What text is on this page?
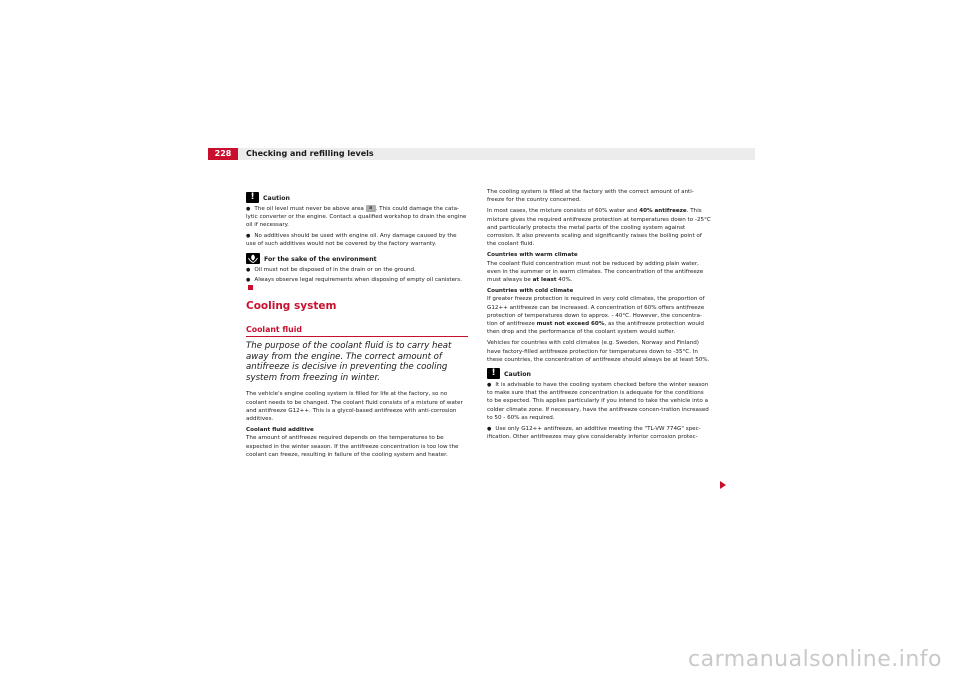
228	Checking and refilling levels
!	Caution

● The oil level must never be above area a . This could damage the cata-lytic converter or the engine. Contact a qualified workshop to drain the engine oil if necessary.

● No additives should be used with engine oil. Any damage caused by the use of such additives would not be covered by the factory warranty.

For the sake of the environment

● Oil must not be disposed of in the drain or on the ground.

● Always observe legal requirements when disposing of empty oil canisters.

Cooling system
Coolant fluid

The purpose of the coolant fluid is to carry heat away from the engine. The correct amount of antifreeze is decisive in preventing the cooling system from freezing in winter.

The vehicle's engine cooling system is filled for life at the factory, so no coolant needs to be changed. The coolant fluid consists of a mixture of water and antifreeze G12++. This is a glycol-based antifreeze with anti-corrosion additives.

Coolant fluid additive

The amount of antifreeze required depends on the temperatures to be expected in the winter season. If the antifreeze concentration is too low the coolant can freeze, resulting in failure of the cooling system and heater.

The cooling system is filled at the factory with the correct amount of anti-freeze for the country concerned.

In most cases, the mixture consists of 60% water and 40% antifreeze. This mixture gives the required antifreeze protection at temperatures down to -25°C and particularly protects the metal parts of the cooling system against corrosion. It also prevents scaling and significantly raises the boiling point of the coolant fluid.

Countries with warm climate

The coolant fluid concentration must not be reduced by adding plain water, even in the summer or in warm climates. The concentration of the antifreeze must always be at least 40%.

Countries with cold climate

If greater freeze protection is required in very cold climates, the proportion of G12++ antifreeze can be increased. A concentration of 60% offers antifreeze protection of temperatures down to approx. - 40°C. However, the concentra-tion of antifreeze must not exceed 60%, as the antifreeze protection would then drop and the performance of the coolant system would suffer.

Vehicles for countries with cold climates (e.g. Sweden, Norway and Finland) have factory-filled antifreeze protection for temperatures down to -35°C. In these countries, the concentration of antifreeze should always be at least 50%.

!	Caution

● It is advisable to have the cooling system checked before the winter season to make sure that the antifreeze concentration is adequate for the conditions to be expected. This applies particularly if you intend to take the vehicle into a colder climate zone. If necessary, have the antifreeze concen-tration increased to 50 - 60% as required.

● Use only G12++ antifreeze, an additive meeting the "TL-VW 774G" spec-ification. Other antifreezes may give considerably inferior corrosion protec-

carmanualsonline.info
